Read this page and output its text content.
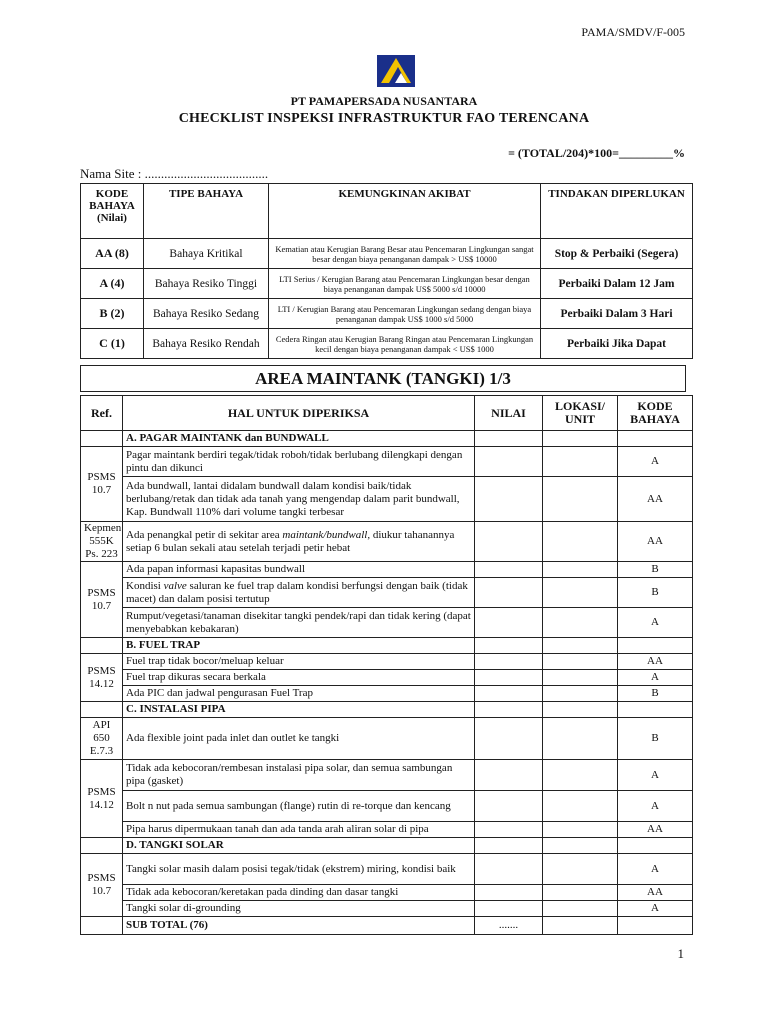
PAMA/SMDV/F-005
PT PAMAPERSADA NUSANTARA
CHECKLIST INSPEKSI INFRASTRUKTUR FAO TERENCANA
= (TOTAL/204)*100=_________%
Nama Site : ......................................
KODE BAHAYA (Nilai)	TIPE BAHAYA	KEMUNGKINAN AKIBAT	TINDAKAN DIPERLUKAN
AA (8)	Bahaya Kritikal	Kematian atau Kerugian Barang Besar atau Pencemaran Lingkungan sangat besar dengan biaya penanganan dampak > US$ 10000	Stop & Perbaiki (Segera)
A (4)	Bahaya Resiko Tinggi	LTI Serius / Kerugian Barang atau Pencemaran Lingkungan besar dengan biaya penanganan dampak US$ 5000 s/d 10000	Perbaiki Dalam 12 Jam
B (2)	Bahaya Resiko Sedang	LTI / Kerugian Barang atau Pencemaran Lingkungan sedang dengan biaya penanganan dampak US$ 1000 s/d 5000	Perbaiki Dalam 3 Hari
C (1)	Bahaya Resiko Rendah	Cedera Ringan atau Kerugian Barang Ringan atau Pencemaran Lingkungan kecil dengan biaya penanganan dampak < US$ 1000	Perbaiki Jika Dapat
AREA MAINTANK (TANGKI) 1/3
Ref.	HAL UNTUK DIPERIKSA	NILAI	LOKASI/ UNIT	KODE BAHAYA
	A. PAGAR MAINTANK dan BUNDWALL			
PSMS 10.7	Pagar maintank berdiri tegak/tidak roboh/tidak berlubang dilengkapi dengan pintu dan dikunci			A
	Ada bundwall, lantai didalam bundwall dalam kondisi baik/tidak berlubang/retak dan tidak ada tanah yang mengendap dalam parit bundwall, Kap. Bundwall 110% dari volume tangki terbesar			AA
Kepmen 555K Ps. 223	Ada penangkal petir di sekitar area maintank/bundwall, diukur tahanannya setiap 6 bulan sekali atau setelah terjadi petir hebat			AA
PSMS 10.7	Ada papan informasi kapasitas bundwall			B
	Kondisi valve saluran ke fuel trap dalam kondisi berfungsi dengan baik (tidak macet) dan dalam posisi tertutup			B
	Rumput/vegetasi/tanaman disekitar tangki pendek/rapi dan tidak kering (dapat menyebabkan kebakaran)			A
	B. FUEL TRAP			
PSMS 14.12	Fuel trap tidak bocor/meluap keluar			AA
	Fuel trap dikuras secara berkala			A
	Ada PIC dan jadwal pengurasan Fuel Trap			B
	C. INSTALASI PIPA			
API 650 E.7.3	Ada flexible joint pada inlet dan outlet ke tangki			B
PSMS 14.12	Tidak ada kebocoran/rembesan instalasi pipa solar, dan semua sambungan pipa (gasket)			A
	Bolt n nut pada semua sambungan (flange) rutin di re-torque dan kencang			A
	Pipa harus dipermukaan tanah dan ada tanda arah aliran solar di pipa			AA
	D. TANGKI SOLAR			
PSMS 10.7	Tangki solar masih dalam posisi tegak/tidak (ekstrem) miring, kondisi baik			A
	Tidak ada kebocoran/keretakan pada dinding dan dasar tangki			AA
	Tangki solar di-grounding			A
	SUB TOTAL (76)	.......		
1
